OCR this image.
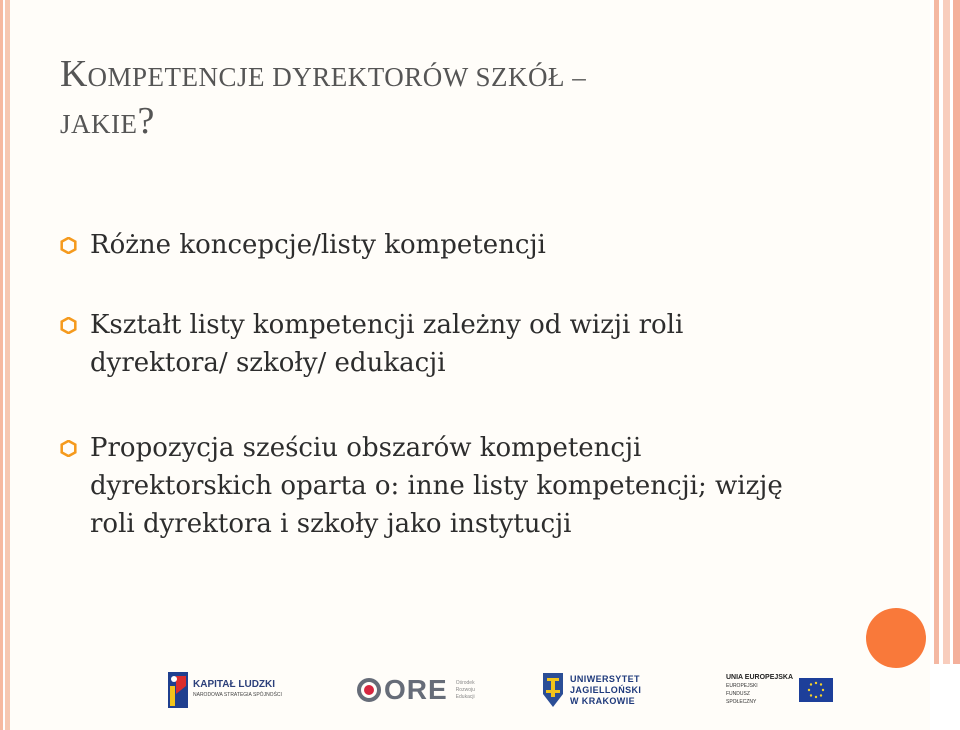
KOMPETENCJE DYREKTORÓW SZKÓŁ –
JAKIE?
Różne koncepcje/listy kompetencji
Kształt listy kompetencji zależny od wizji roli dyrektora/ szkoły/ edukacji
Propozycja sześciu obszarów kompetencji dyrektorskich oparta o: inne listy kompetencji; wizję roli dyrektora i szkoły jako instytucji
KAPITAŁ LUDZKI
NARODOWA STRATEGIA SPÓJNOŚCI	ORE Ośrodek Rozwoju Edukacji
UNIWERSYTET JAGIELLOŃSKI W KRAKOWIE
UNIA EUROPEJSKA
EUROPEJSKI FUNDUSZ SPOŁECZNY
